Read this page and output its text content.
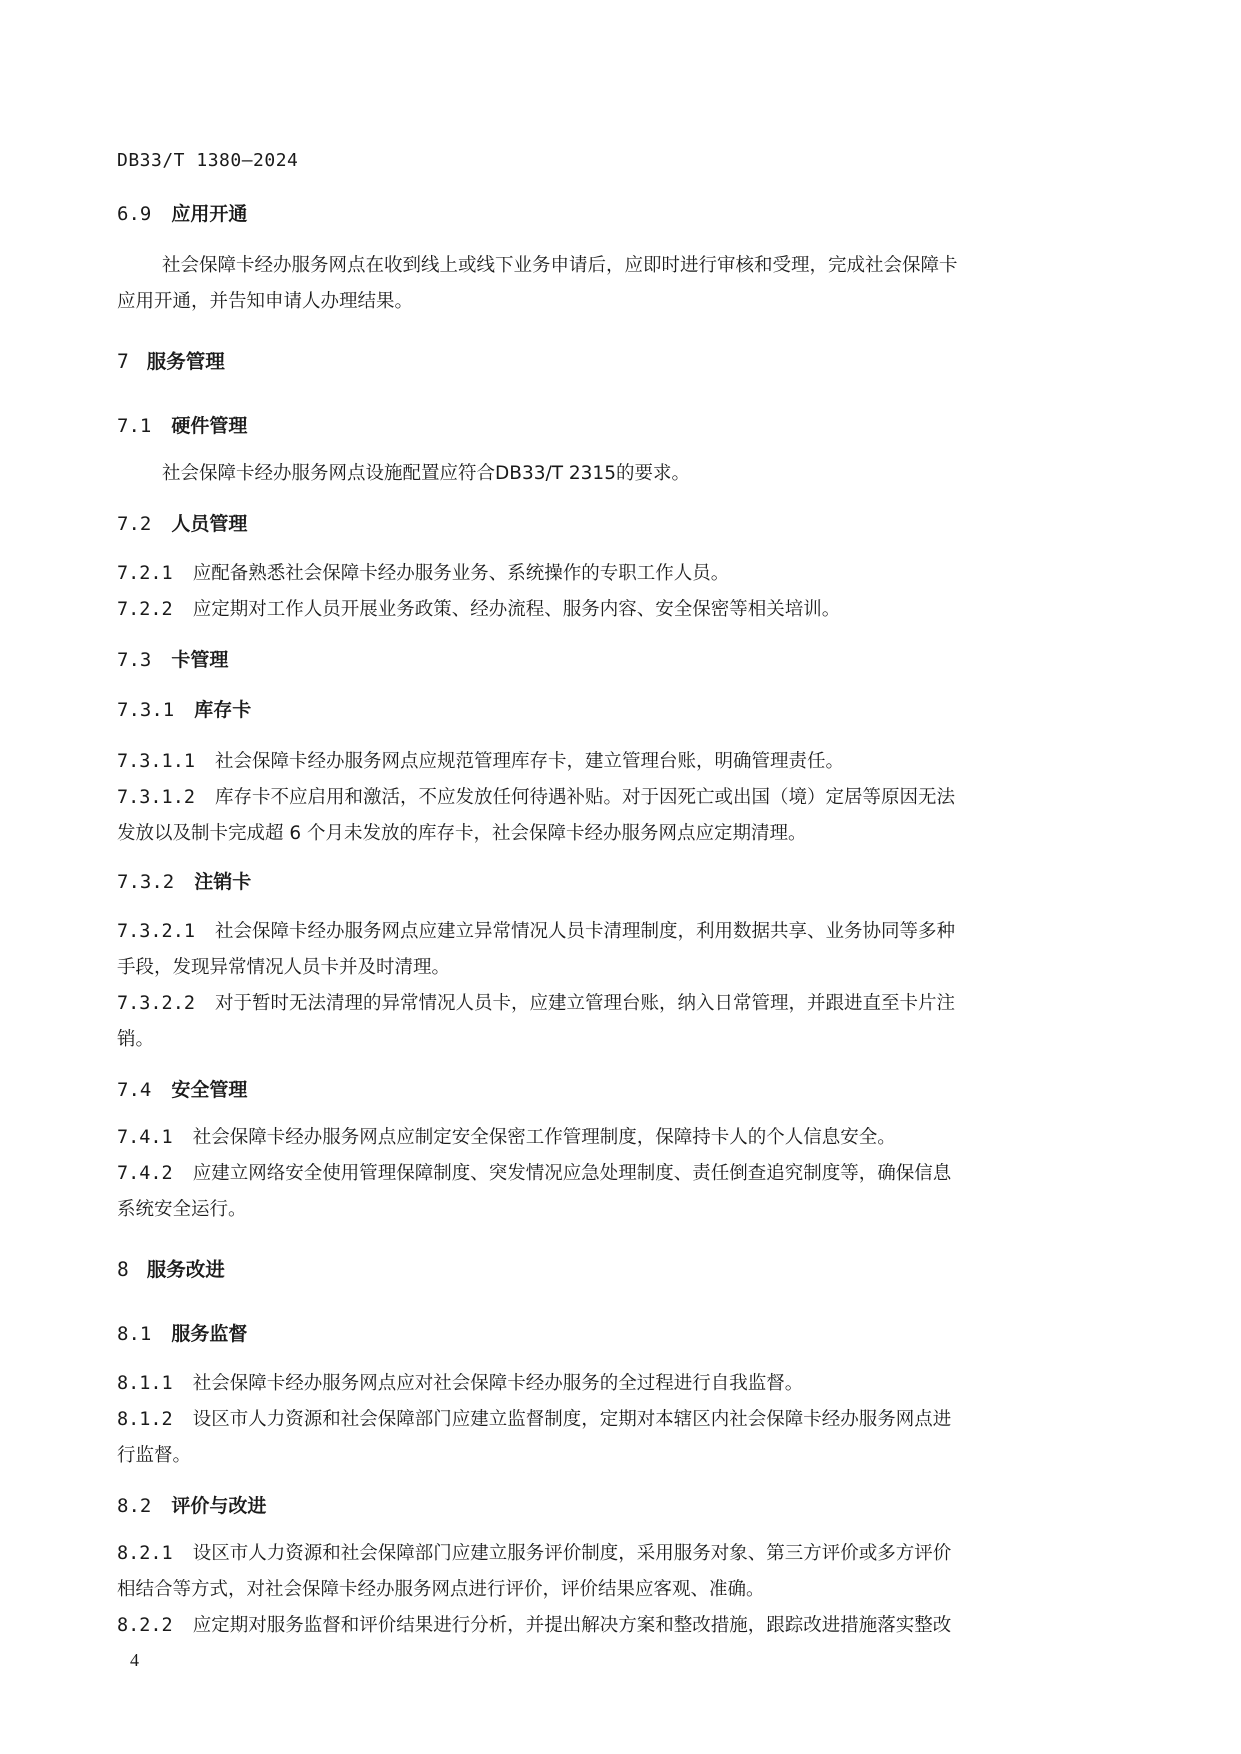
DB33/T 1380—2024
6.9 应用开通
社会保障卡经办服务网点在收到线上或线下业务申请后，应即时进行审核和受理，完成社会保障卡
应用开通，并告知申请人办理结果。
7 服务管理
7.1 硬件管理
社会保障卡经办服务网点设施配置应符合DB33/T 2315的要求。
7.2 人员管理
7.2.1 应配备熟悉社会保障卡经办服务业务、系统操作的专职工作人员。
7.2.2 应定期对工作人员开展业务政策、经办流程、服务内容、安全保密等相关培训。
7.3 卡管理
7.3.1 库存卡
7.3.1.1 社会保障卡经办服务网点应规范管理库存卡，建立管理台账，明确管理责任。
7.3.1.2 库存卡不应启用和激活，不应发放任何待遇补贴。对于因死亡或出国（境）定居等原因无法
发放以及制卡完成超 6 个月未发放的库存卡，社会保障卡经办服务网点应定期清理。
7.3.2 注销卡
7.3.2.1 社会保障卡经办服务网点应建立异常情况人员卡清理制度，利用数据共享、业务协同等多种
手段，发现异常情况人员卡并及时清理。
7.3.2.2 对于暂时无法清理的异常情况人员卡，应建立管理台账，纳入日常管理，并跟进直至卡片注
销。
7.4 安全管理
7.4.1 社会保障卡经办服务网点应制定安全保密工作管理制度，保障持卡人的个人信息安全。
7.4.2 应建立网络安全使用管理保障制度、突发情况应急处理制度、责任倒查追究制度等，确保信息
系统安全运行。
8 服务改进
8.1 服务监督
8.1.1 社会保障卡经办服务网点应对社会保障卡经办服务的全过程进行自我监督。
8.1.2 设区市人力资源和社会保障部门应建立监督制度，定期对本辖区内社会保障卡经办服务网点进
行监督。
8.2 评价与改进
8.2.1 设区市人力资源和社会保障部门应建立服务评价制度，采用服务对象、第三方评价或多方评价
相结合等方式，对社会保障卡经办服务网点进行评价，评价结果应客观、准确。
8.2.2 应定期对服务监督和评价结果进行分析，并提出解决方案和整改措施，跟踪改进措施落实整改
4
